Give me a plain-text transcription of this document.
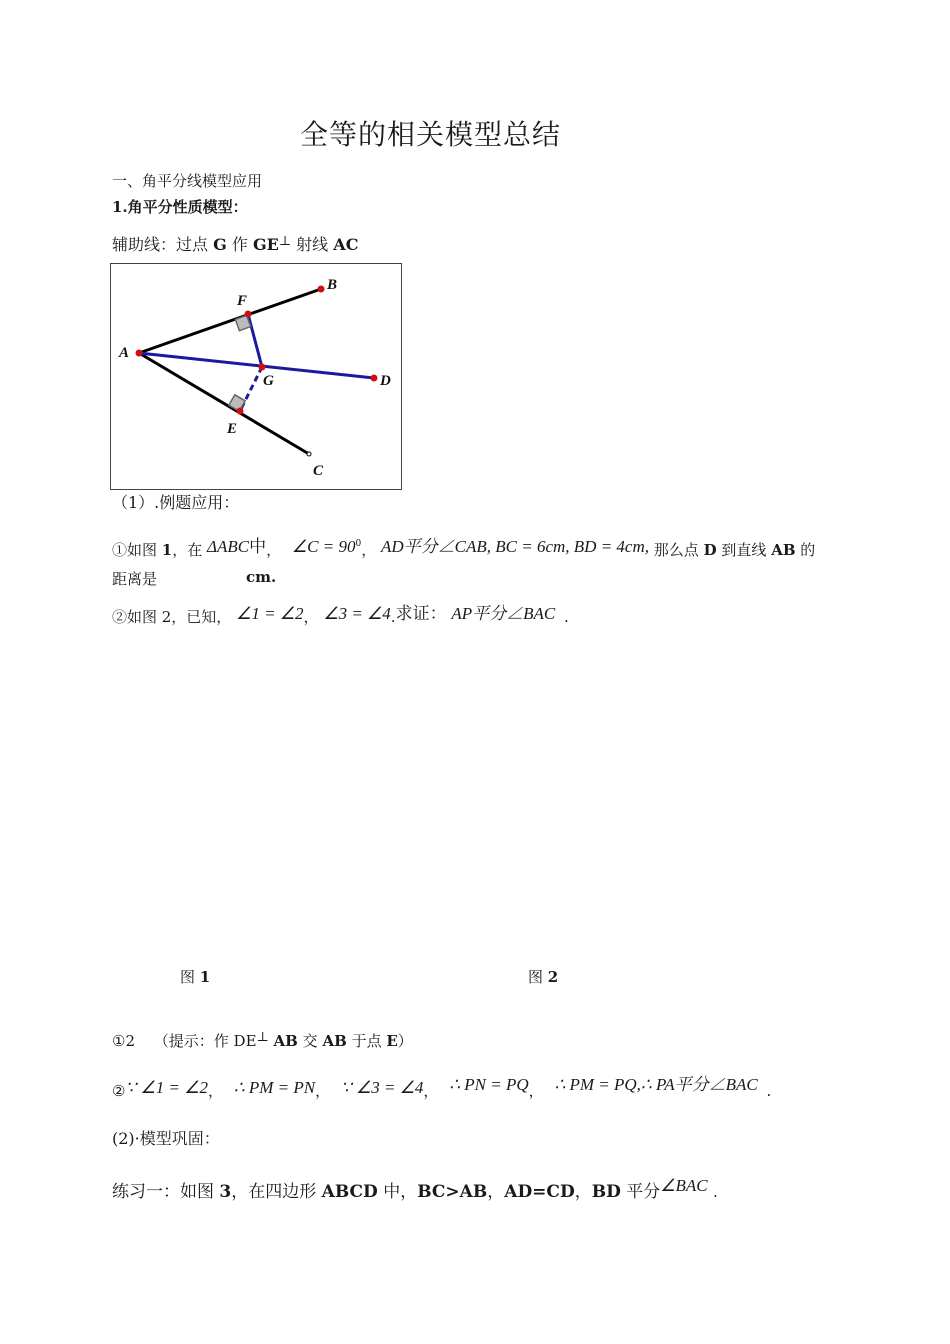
全等的相关模型总结
一、角平分线模型应用
1.角平分性质模型：
辅助线：过点 G 作 GE⊥ 射线 AC
A
B
C
D
E
F
G
（1）.例题应用：
①如图 1，在 ΔABC中， ∠C = $90^0$， AD平分∠CAB, BC = 6cm, BD = 4cm, 那么点 D 到直线 AB 的
距离是	cm.
②如图 2，已知， ∠1 = ∠2， ∠3 = ∠4.求证： AP平分∠BAC .
图 1	图 2
①2 （提示：作 DE⊥ AB 交 AB 于点 E）
②∵ ∠1 = ∠2， ∴ PM = PN， ∵ ∠3 = ∠4， ∴ PN = PQ， ∴ PM = PQ,∴ PA平分∠BAC .
(2)·模型巩固：
练习一：如图 3，在四边形 ABCD 中，BC>AB，AD=CD，BD 平分∠BAC .
